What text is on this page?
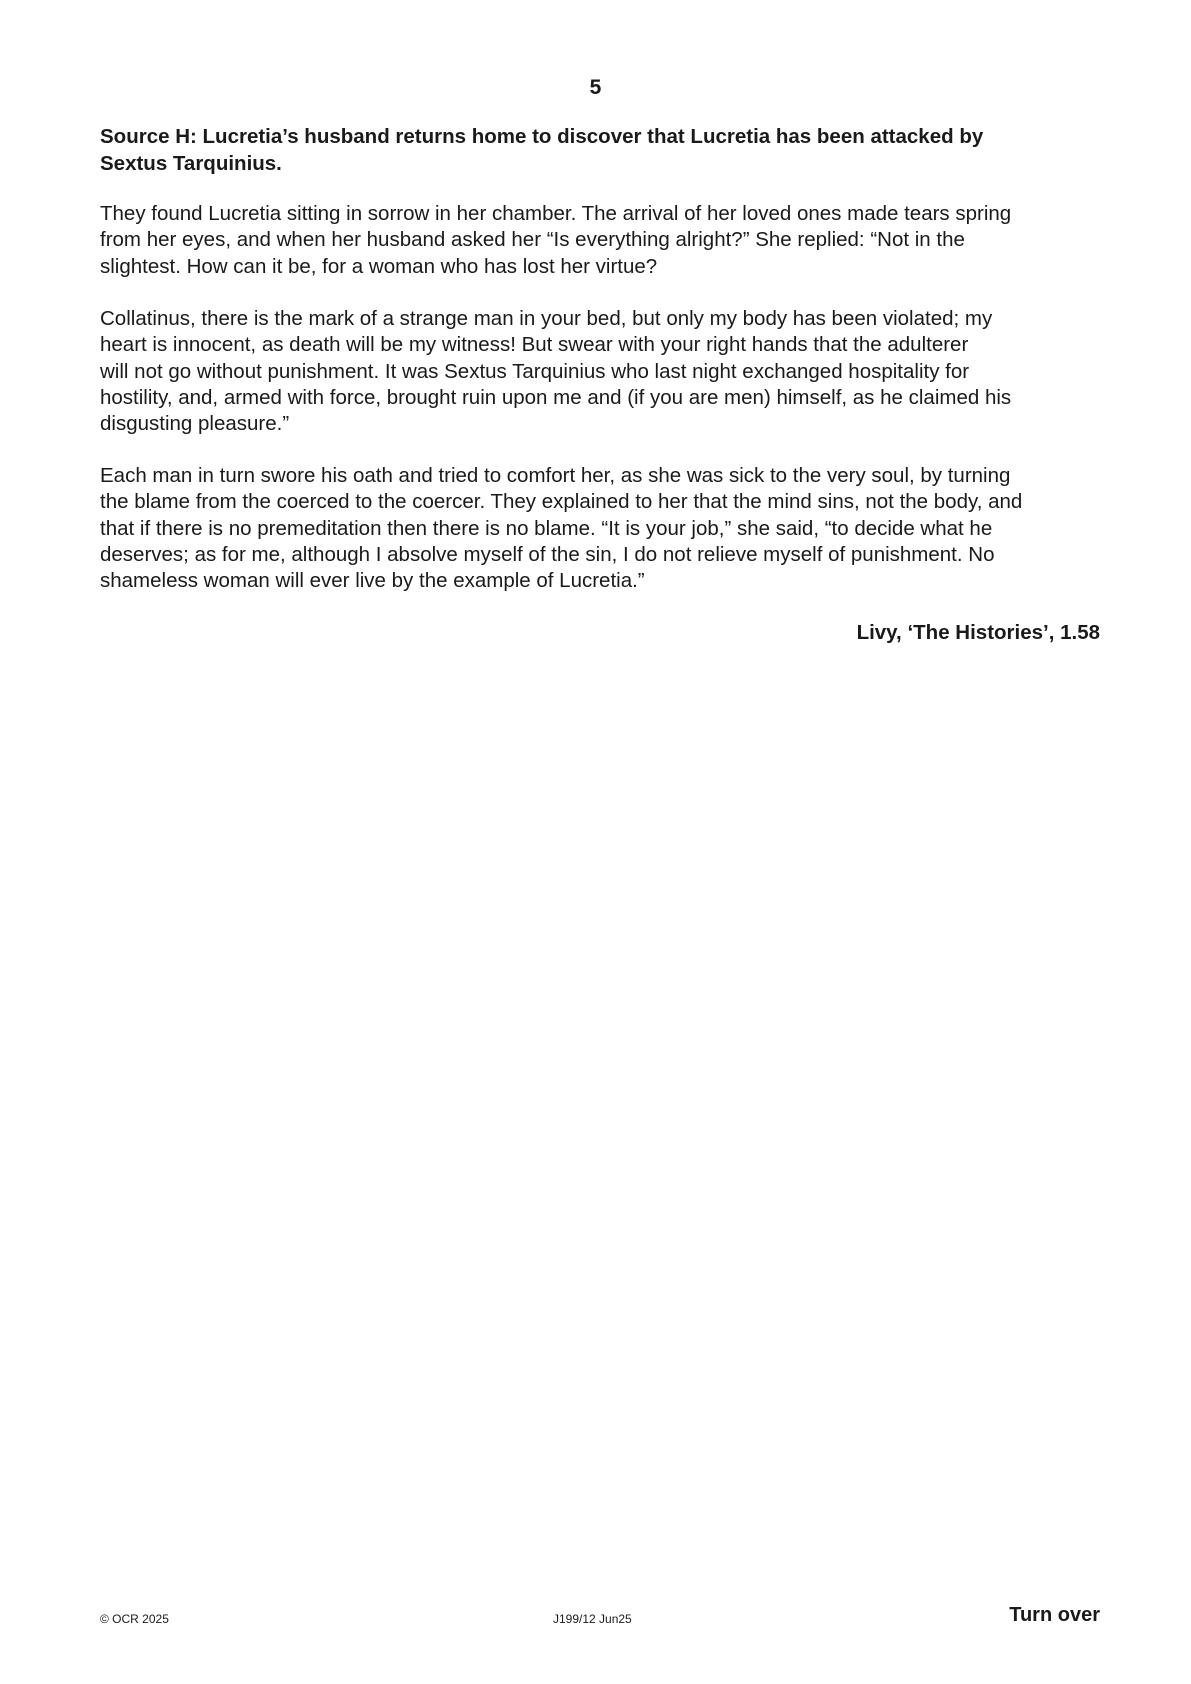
5
Source H: Lucretia’s husband returns home to discover that Lucretia has been attacked by
Sextus Tarquinius.
They found Lucretia sitting in sorrow in her chamber. The arrival of her loved ones made tears spring
from her eyes, and when her husband asked her “Is everything alright?” She replied: “Not in the
slightest. How can it be, for a woman who has lost her virtue?
Collatinus, there is the mark of a strange man in your bed, but only my body has been violated; my
heart is innocent, as death will be my witness! But swear with your right hands that the adulterer
will not go without punishment. It was Sextus Tarquinius who last night exchanged hospitality for
hostility, and, armed with force, brought ruin upon me and (if you are men) himself, as he claimed his
disgusting pleasure.”
Each man in turn swore his oath and tried to comfort her, as she was sick to the very soul, by turning
the blame from the coerced to the coercer. They explained to her that the mind sins, not the body, and
that if there is no premeditation then there is no blame. “It is your job,” she said, “to decide what he
deserves; as for me, although I absolve myself of the sin, I do not relieve myself of punishment. No
shameless woman will ever live by the example of Lucretia.”
Livy, ‘The Histories’, 1.58
© OCR 2025	J199/12 Jun25	Turn over
